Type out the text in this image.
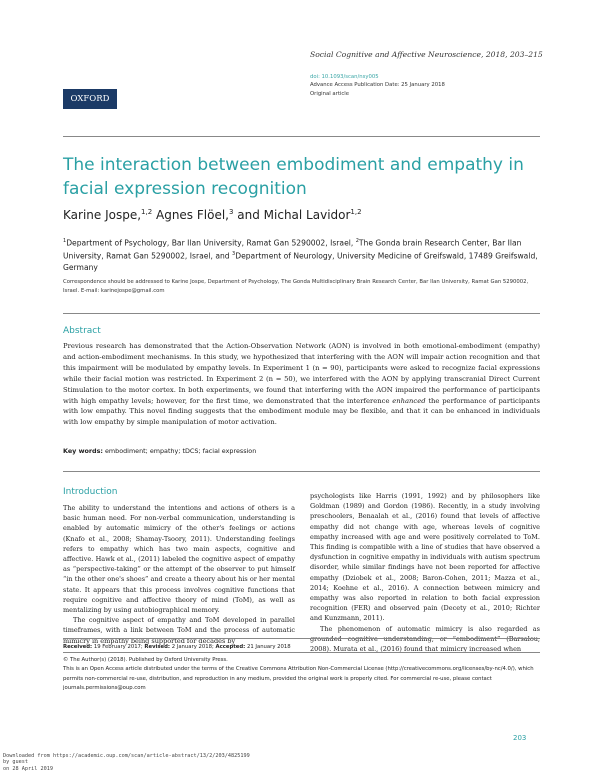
Social Cognitive and Affective Neuroscience, 2018, 203–215
OXFORD
doi: 10.1093/scan/nsy005
Advance Access Publication Date: 25 January 2018
Original article
The interaction between embodiment and empathy in facial expression recognition
Karine Jospe,$^{1,2}$ Agnes Flöel,$^3$ and Michal Lavidor$^{1,2}$
$^1$Department of Psychology, Bar Ilan University, Ramat Gan 5290002, Israel, $^2$The Gonda brain Research Center, Bar Ilan University, Ramat Gan 5290002, Israel, and $^3$Department of Neurology, University Medicine of Greifswald, 17489 Greifswald, Germany
Correspondence should be addressed to Karine Jospe, Department of Psychology, The Gonda Multidisciplinary Brain Research Center, Bar Ilan University, Ramat Gan 5290002, Israel. E-mail: karinejospe@gmail.com
Abstract

Previous research has demonstrated that the Action-Observation Network (AON) is involved in both emotional-embodiment (empathy) and action-embodiment mechanisms. In this study, we hypothesized that interfering with the AON will impair action recognition and that this impairment will be modulated by empathy levels. In Experiment 1 (n = 90), participants were asked to recognize facial expressions while their facial motion was restricted. In Experiment 2 (n = 50), we interfered with the AON by applying transcranial Direct Current Stimulation to the motor cortex. In both experiments, we found that interfering with the AON impaired the performance of participants with high empathy levels; however, for the first time, we demonstrated that the interference enhanced the performance of participants with low empathy. This novel finding suggests that the embodiment module may be flexible, and that it can be enhanced in individuals with low empathy by simple manipulation of motor activation.

Key words: embodiment; empathy; tDCS; facial expression
Introduction

The ability to understand the intentions and actions of others is a basic human need. For non-verbal communication, understanding is enabled by automatic mimicry of the other's feelings or actions (Knafo et al., 2008; Shamay-Tsoory, 2011). Understanding feelings refers to empathy which has two main aspects, cognitive and affective. Hawk et al., (2011) labeled the cognitive aspect of empathy as “perspective-taking” or the attempt of the observer to put himself “in the other one's shoes” and create a theory about his or her mental state. It appears that this process involves cognitive functions that require cognitive and affective theory of mind (ToM), as well as mentalizing by using autobiographical memory.

The cognitive aspect of empathy and ToM developed in parallel timeframes, with a link between ToM and the process of automatic mimicry in empathy being supported for decades by

psychologists like Harris (1991, 1992) and by philosophers like Goldman (1989) and Gordon (1986). Recently, in a study involving preschoolers, Benaalah et al., (2016) found that levels of affective empathy did not change with age, whereas levels of cognitive empathy increased with age and were positively correlated to ToM. This finding is compatible with a line of studies that have observed a dysfunction in cognitive empathy in individuals with autism spectrum disorder, while similar findings have not been reported for affective empathy (Dziobek et al., 2008; Baron-Cohen, 2011; Mazza et al., 2014; Koehne et al., 2016). A connection between mimicry and empathy was also reported in relation to both facial expression recognition (FER) and observed pain (Decety et al., 2010; Richter and Kunzmann, 2011).

The phenomenon of automatic mimicry is also regarded as grounded cognitive understanding, or “embodiment” (Barsalou, 2008). Murata et al., (2016) found that mimicry increased when

Received: 19 February 2017; Revised: 2 January 2018; Accepted: 21 January 2018
© The Author(s) (2018). Published by Oxford University Press.
This is an Open Access article distributed under the terms of the Creative Commons Attribution Non-Commercial License (http://creativecommons.org/licenses/by-nc/4.0/), which permits non-commercial re-use, distribution, and reproduction in any medium, provided the original work is properly cited. For commercial re-use, please contact journals.permissions@oup.com
203
Downloaded from https://academic.oup.com/scan/article-abstract/13/2/203/4825199
by guest
on 28 April 2019
